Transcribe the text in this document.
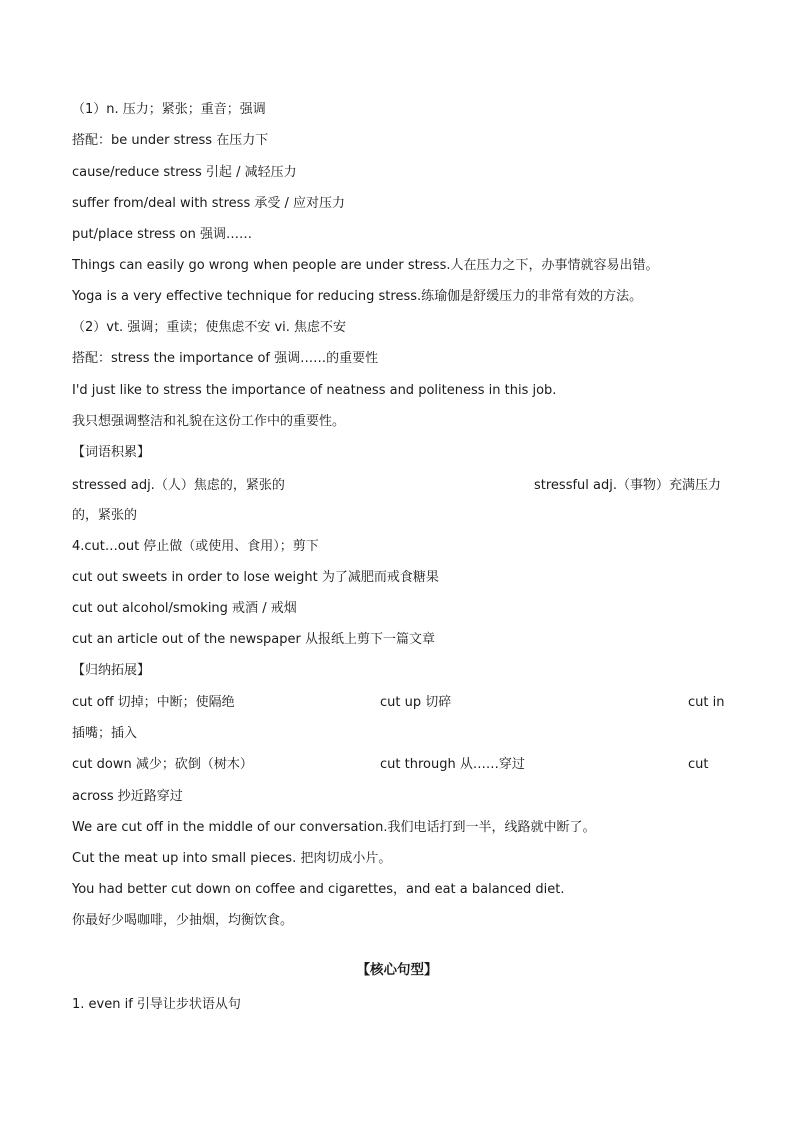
（1）n. 压力；紧张；重音；强调
搭配：be under stress 在压力下
cause/reduce stress 引起 / 减轻压力
suffer from/deal with stress 承受 / 应对压力
put/place stress on 强调……
Things can easily go wrong when people are under stress.人在压力之下，办事情就容易出错。
Yoga is a very effective technique for reducing stress.练瑜伽是舒缓压力的非常有效的方法。
（2）vt. 强调；重读；使焦虑不安 vi. 焦虑不安
搭配：stress the importance of 强调……的重要性
I'd just like to stress the importance of neatness and politeness in this job.
我只想强调整洁和礼貌在这份工作中的重要性。
【词语积累】
stressed adj.（人）焦虑的，紧张的	stressful adj.（事物）充满压力
的，紧张的
4.cut…out 停止做（或使用、食用）；剪下
cut out sweets in order to lose weight 为了减肥而戒食糖果
cut out alcohol/smoking 戒酒 / 戒烟
cut an article out of the newspaper 从报纸上剪下一篇文章
【归纳拓展】
cut off 切掉；中断；使隔绝	cut up 切碎	cut in
插嘴；插入
cut down 减少；砍倒（树木）	cut through 从……穿过	cut
across 抄近路穿过
We are cut off in the middle of our conversation.我们电话打到一半，线路就中断了。
Cut the meat up into small pieces. 把肉切成小片。
You had better cut down on coffee and cigarettes，and eat a balanced diet.
你最好少喝咖啡，少抽烟，均衡饮食。
【核心句型】
1. even if 引导让步状语从句
